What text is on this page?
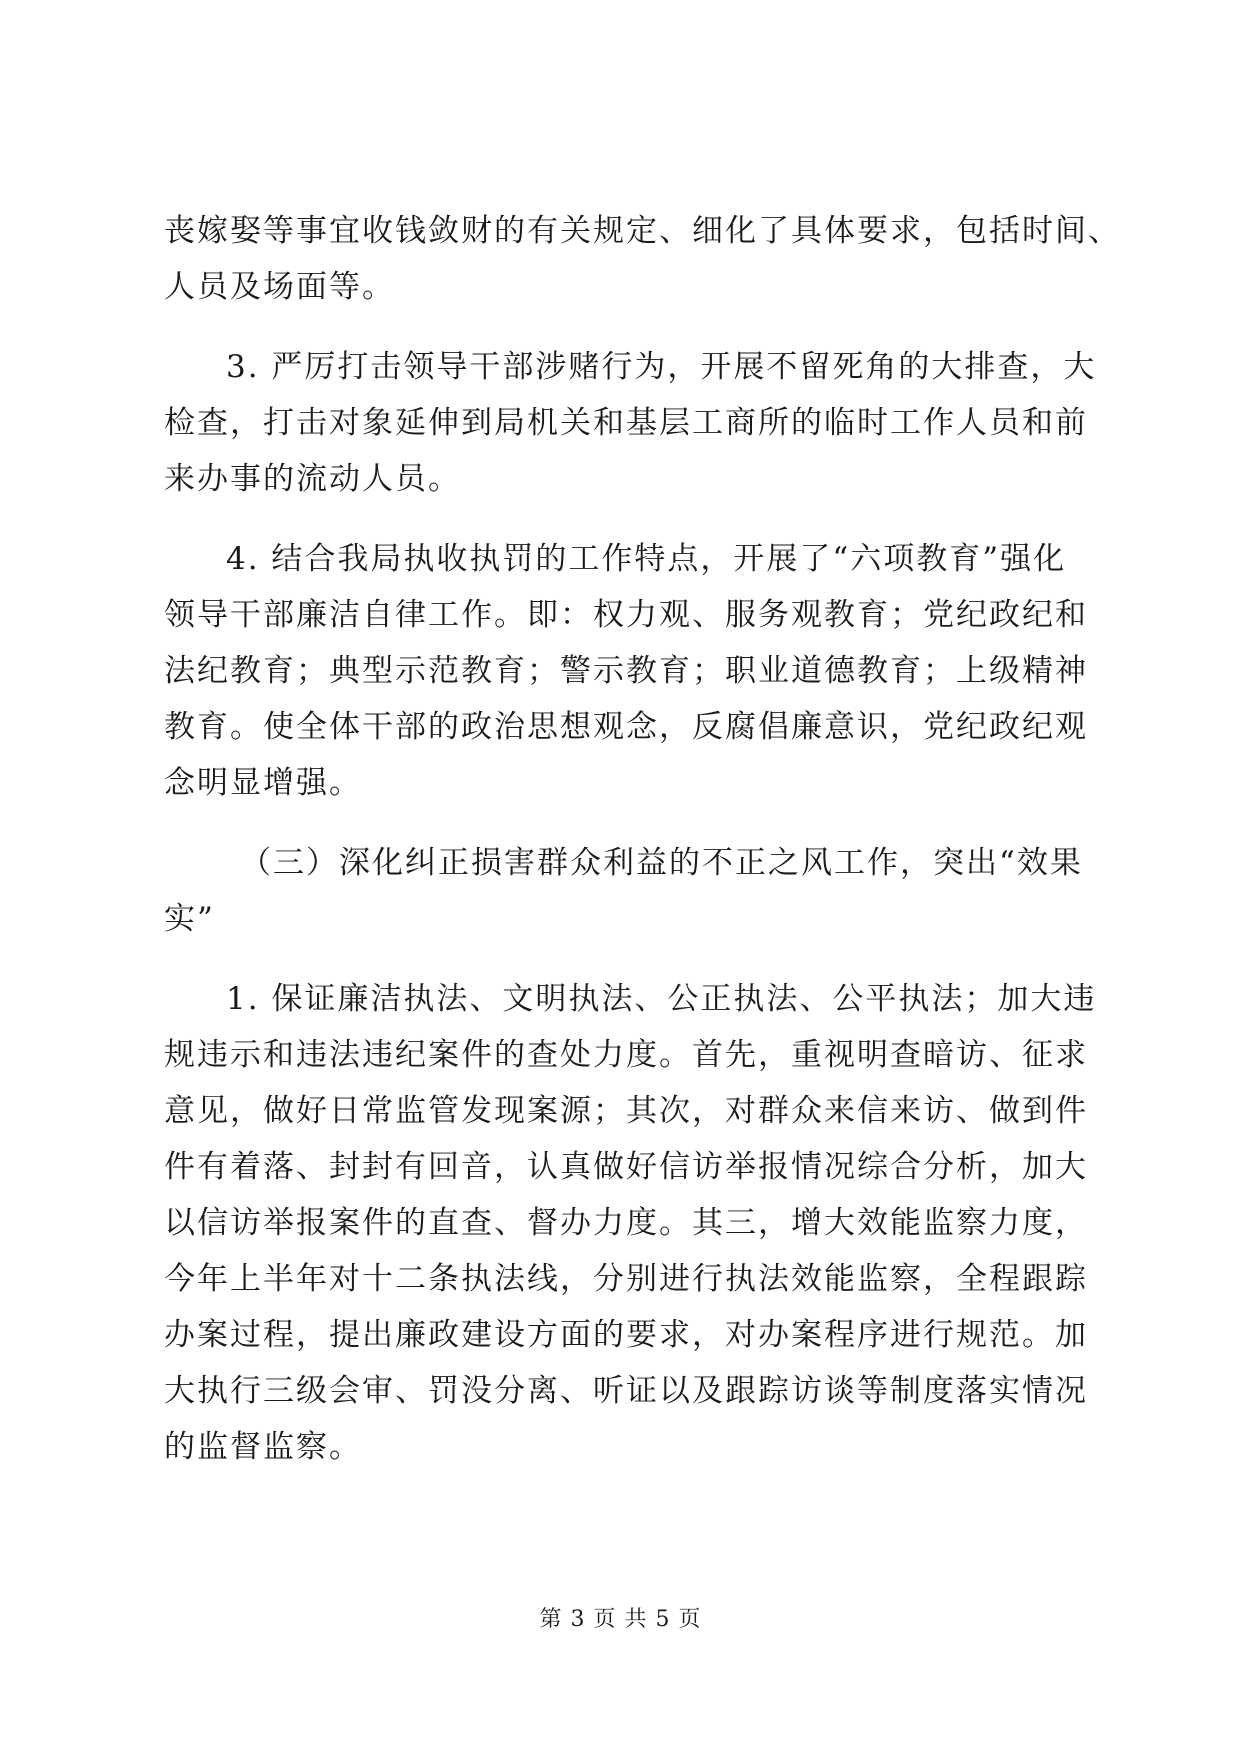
丧嫁娶等事宜收钱敛财的有关规定、细化了具体要求，包括时间、
人员及场面等。
3. 严厉打击领导干部涉赌行为，开展不留死角的大排查，大
检查，打击对象延伸到局机关和基层工商所的临时工作人员和前
来办事的流动人员。
4. 结合我局执收执罚的工作特点，开展了“六项教育”强化
领导干部廉洁自律工作。即：权力观、服务观教育；党纪政纪和
法纪教育；典型示范教育；警示教育；职业道德教育；上级精神
教育。使全体干部的政治思想观念，反腐倡廉意识，党纪政纪观
念明显增强。
（三）深化纠正损害群众利益的不正之风工作，突出“效果
实”
1. 保证廉洁执法、文明执法、公正执法、公平执法；加大违
规违示和违法违纪案件的查处力度。首先，重视明查暗访、征求
意见，做好日常监管发现案源；其次，对群众来信来访、做到件
件有着落、封封有回音，认真做好信访举报情况综合分析，加大
以信访举报案件的直查、督办力度。其三，增大效能监察力度，
今年上半年对十二条执法线，分别进行执法效能监察，全程跟踪
办案过程，提出廉政建设方面的要求，对办案程序进行规范。加
大执行三级会审、罚没分离、听证以及跟踪访谈等制度落实情况
的监督监察。
第 3 页 共 5 页
